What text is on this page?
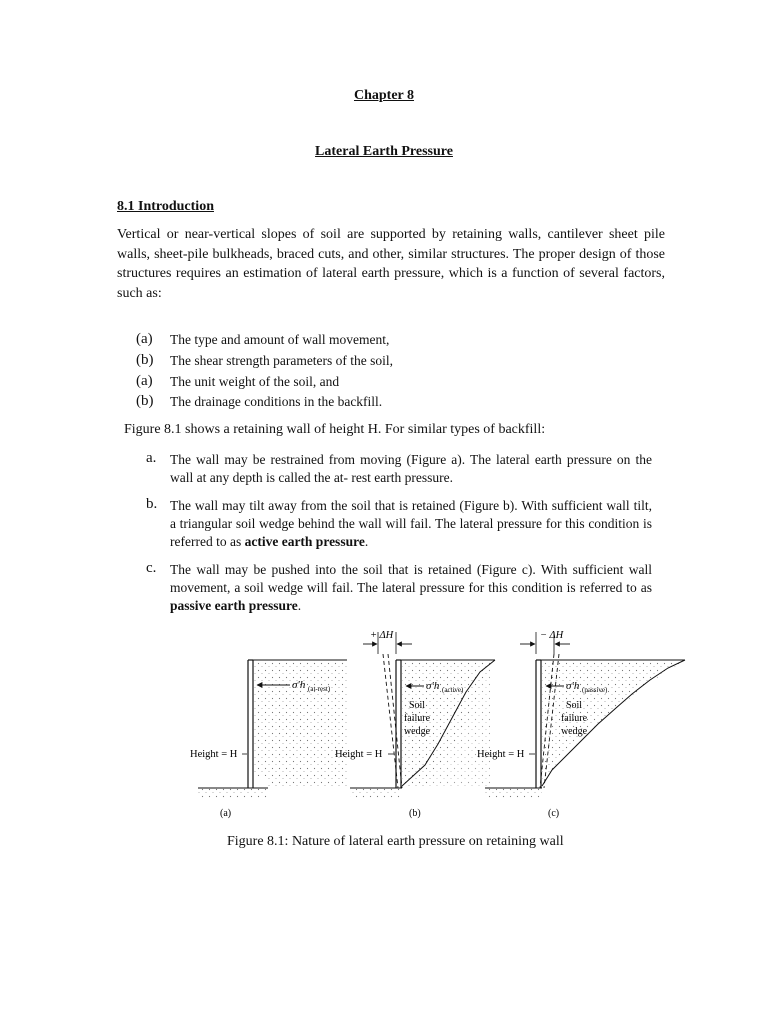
Chapter 8
Lateral Earth Pressure
8.1 Introduction
Vertical or near-vertical slopes of soil are supported by retaining walls, cantilever sheet pile walls, sheet-pile bulkheads, braced cuts, and other, similar structures. The proper design of those structures requires an estimation of lateral earth pressure, which is a function of several factors, such as:
(a)	The type and amount of wall movement,
(b)	The shear strength parameters of the soil,
(a)	The unit weight of the soil, and
(b)	The drainage conditions in the backfill.
Figure 8.1 shows a retaining wall of height H. For similar types of backfill:
a. The wall may be restrained from moving (Figure a). The lateral earth pressure on the wall at any depth is called the at- rest earth pressure.
b. The wall may tilt away from the soil that is retained (Figure b). With sufficient wall tilt, a triangular soil wedge behind the wall will fail. The lateral pressure for this condition is referred to as active earth pressure.
c. The wall may be pushed into the soil that is retained (Figure c). With sufficient wall movement, a soil wedge will fail. The lateral pressure for this condition is referred to as passive earth pressure.
σ′h (at-rest)
Height = H
(a)
+ ΔH
σ′h (active)
Soil
failure
wedge
Height = H
(b)
− ΔH
σ′h (passive)
Soil
failure
wedge
Height = H
(c)
Figure 8.1: Nature of lateral earth pressure on retaining wall
